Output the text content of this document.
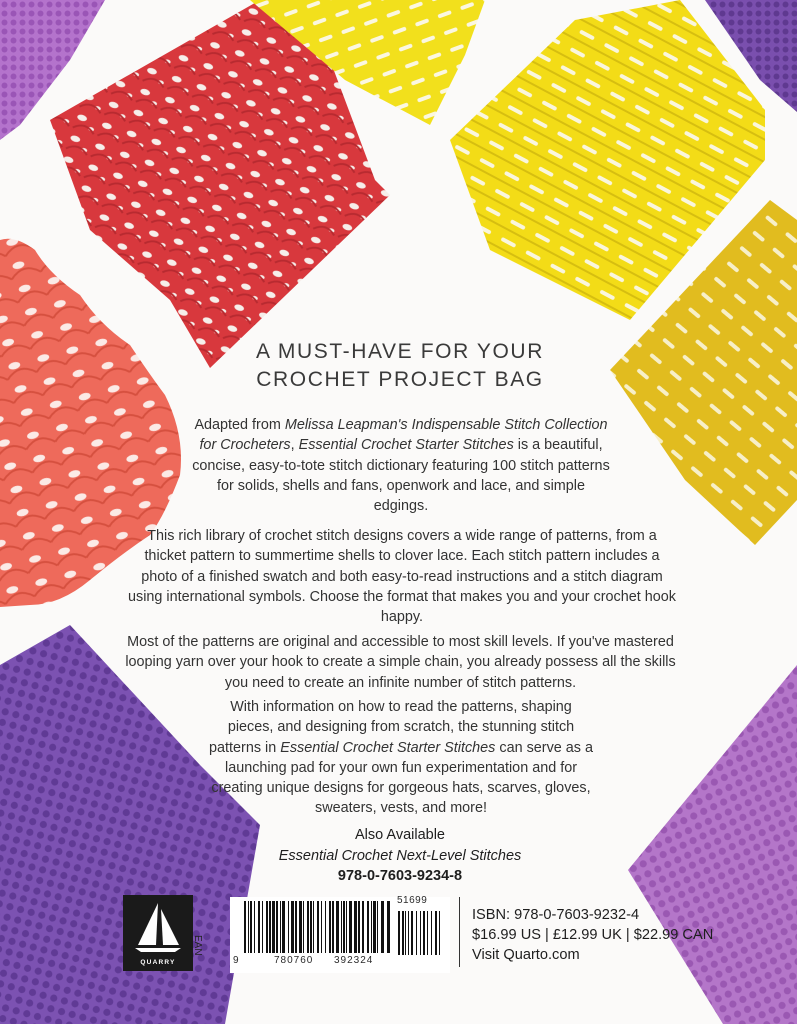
A MUST-HAVE FOR YOUR
CROCHET PROJECT BAG

Adapted from Melissa Leapman's Indispensable Stitch Collection for Crocheters, Essential Crochet Starter Stitches is a beautiful, concise, easy-to-tote stitch dictionary featuring 100 stitch patterns for solids, shells and fans, openwork and lace, and simple edgings.

This rich library of crochet stitch designs covers a wide range of patterns, from a thicket pattern to summertime shells to clover lace. Each stitch pattern includes a photo of a finished swatch and both easy-to-read instructions and a stitch diagram using international symbols. Choose the format that makes you and your crochet hook happy.

Most of the patterns are original and accessible to most skill levels. If you've mastered looping yarn over your hook to create a simple chain, you already possess all the skills you need to create an infinite number of stitch patterns.

With information on how to read the patterns, shaping pieces, and designing from scratch, the stunning stitch patterns in Essential Crochet Starter Stitches can serve as a launching pad for your own fun experimentation and for creating unique designs for gorgeous hats, scarves, gloves, sweaters, vests, and more!

Also Available
Essential Crochet Next-Level Stitches
978-0-7603-9234-8
QUARRY
EAN
9	780760 392324
51699
ISBN: 978-0-7603-9232-4
$16.99 US | £12.99 UK | $22.99 CAN
Visit Quarto.com
